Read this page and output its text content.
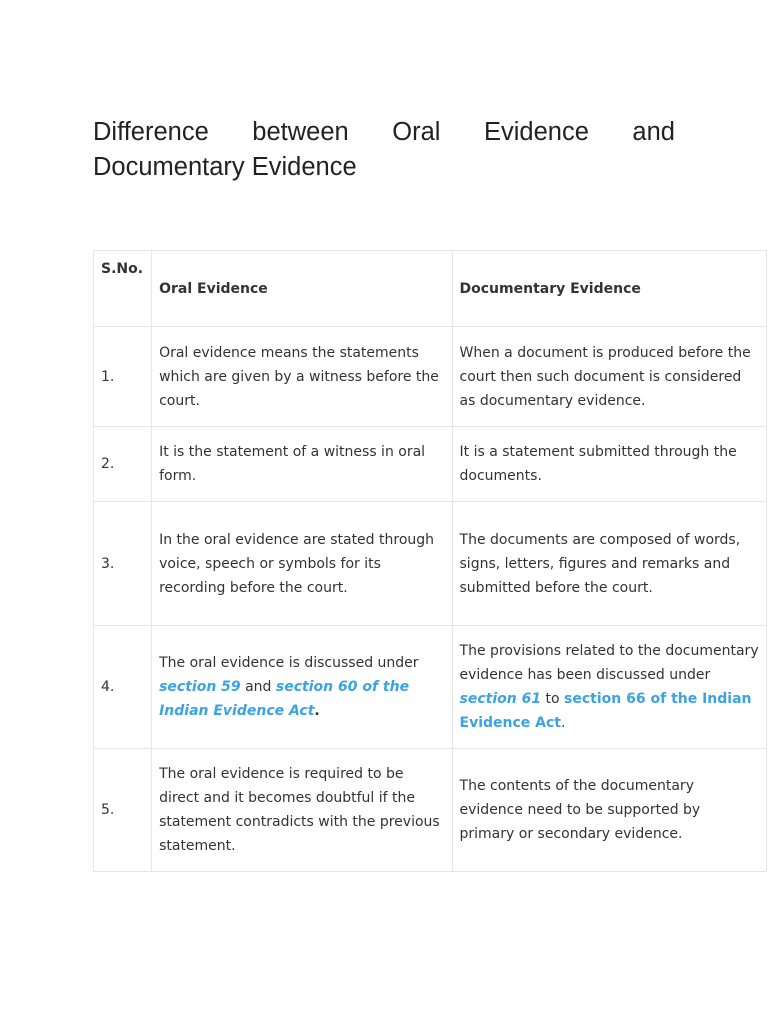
Difference between Oral Evidence and
Documentary Evidence
S.No.	Oral Evidence	Documentary Evidence
1.	Oral evidence means the statements which are given by a witness before the court.	When a document is produced before the court then such document is considered as documentary evidence.
2.	It is the statement of a witness in oral form.	It is a statement submitted through the documents.
3.	In the oral evidence are stated through voice, speech or symbols for its recording before the court.	The documents are composed of words, signs, letters, figures and remarks and submitted before the court.
4.	The oral evidence is discussed under section 59 and section 60 of the Indian Evidence Act.	The provisions related to the documentary evidence has been discussed under section 61 to section 66 of the Indian Evidence Act.
5.	The oral evidence is required to be direct and it becomes doubtful if the statement contradicts with the previous statement.	The contents of the documentary evidence need to be supported by primary or secondary evidence.
